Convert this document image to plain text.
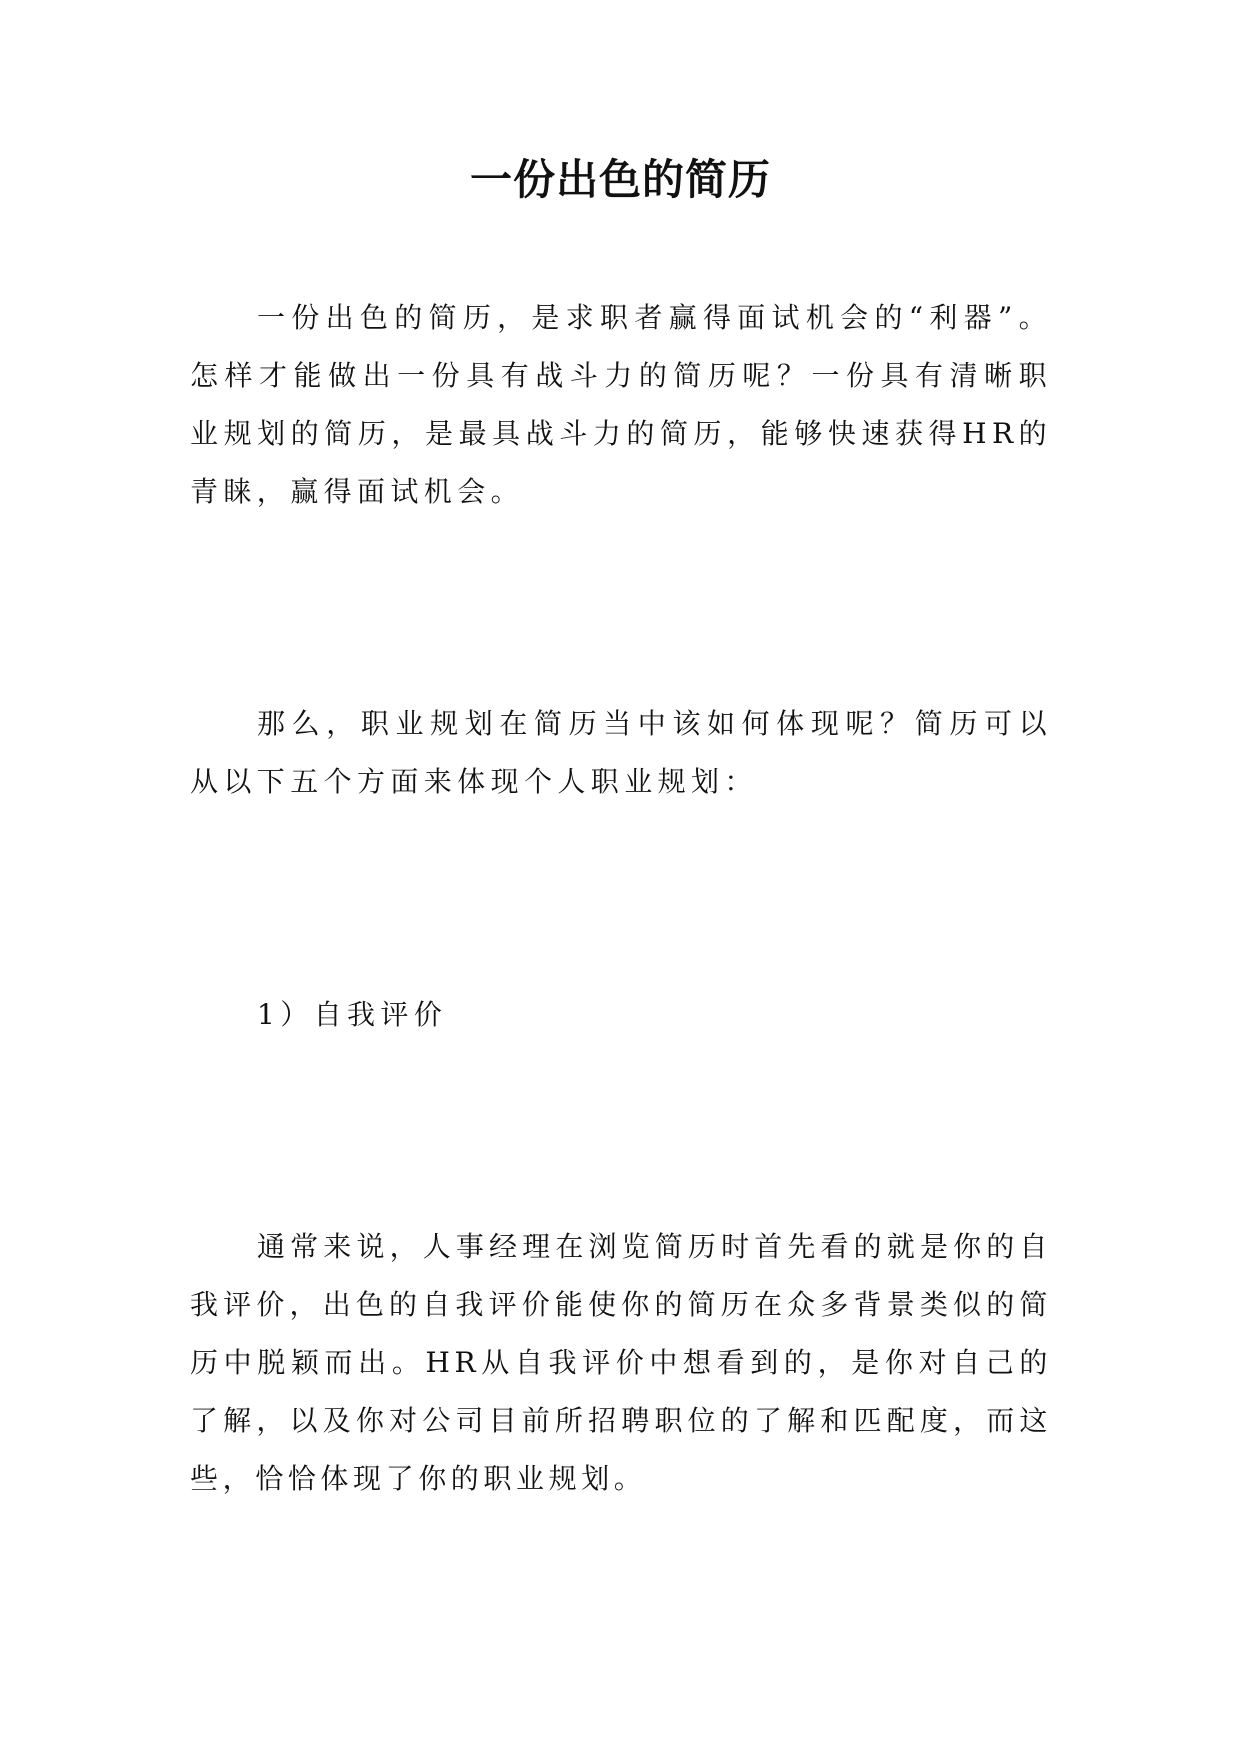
一份出色的简历

一份出色的简历，是求职者赢得面试机会的“利器”。怎样才能做出一份具有战斗力的简历呢？一份具有清晰职业规划的简历，是最具战斗力的简历，能够快速获得HR的青睐，赢得面试机会。

那么，职业规划在简历当中该如何体现呢？简历可以从以下五个方面来体现个人职业规划：

1）自我评价

通常来说，人事经理在浏览简历时首先看的就是你的自我评价，出色的自我评价能使你的简历在众多背景类似的简历中脱颖而出。HR从自我评价中想看到的，是你对自己的了解，以及你对公司目前所招聘职位的了解和匹配度，而这些，恰恰体现了你的职业规划。
